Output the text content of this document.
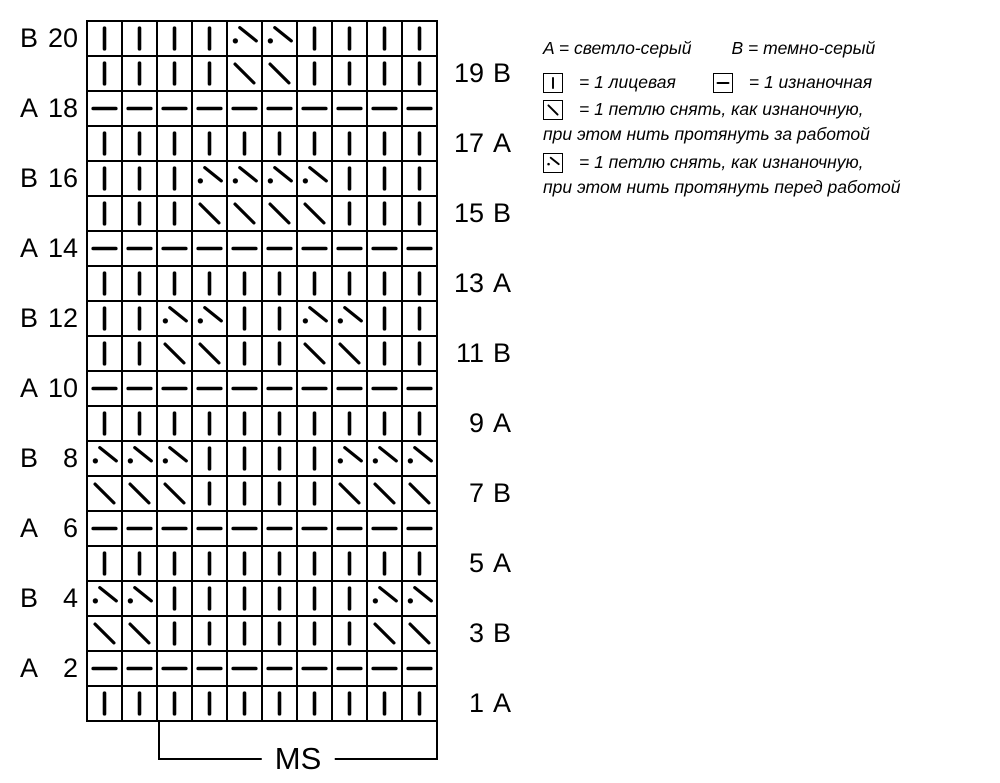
B 20
A 18
B 16
A 14
B 12
A 10
B 8
A 6
B 4
A 2
19 B
17 A
15 B
13 A
11 B
9 A
7 B
5 A
3 B
1 A
MS
A = светло-серый B = темно-серый
= 1 лицевая	= 1 изнаночная
= 1 петлю снять, как изнаночную,
при этом нить протянуть за работой
= 1 петлю снять, как изнаночную,
при этом нить протянуть перед работой
